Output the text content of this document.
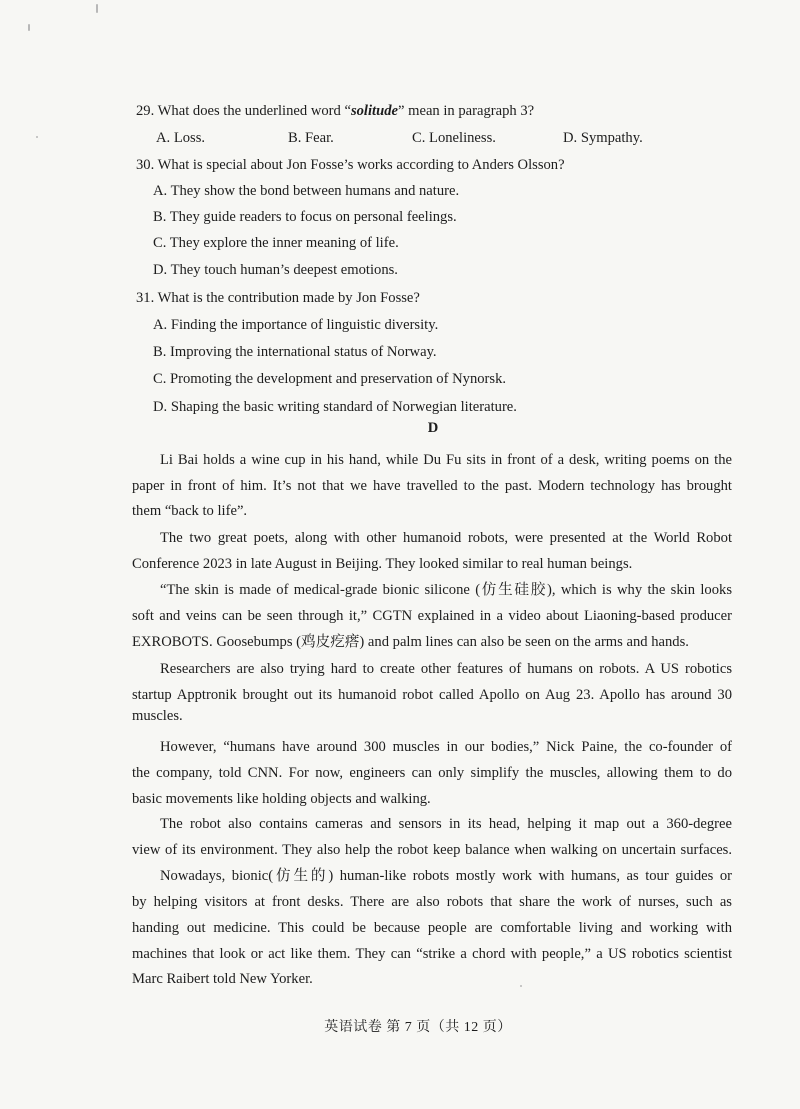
29. What does the underlined word “solitude” mean in paragraph 3?
A. Loss.	B. Fear.	C. Loneliness.	D. Sympathy.
30. What is special about Jon Fosse’s works according to Anders Olsson?
A. They show the bond between humans and nature.
B. They guide readers to focus on personal feelings.
C. They explore the inner meaning of life.
D. They touch human’s deepest emotions.
31. What is the contribution made by Jon Fosse?
A. Finding the importance of linguistic diversity.
B. Improving the international status of Norway.
C. Promoting the development and preservation of Nynorsk.
D. Shaping the basic writing standard of Norwegian literature.
D
Li Bai holds a wine cup in his hand, while Du Fu sits in front of a desk, writing poems on the
paper in front of him. It’s not that we have travelled to the past. Modern technology has brought
them “back to life”.
The two great poets, along with other humanoid robots, were presented at the World Robot
Conference 2023 in late August in Beijing. They looked similar to real human beings.
“The skin is made of medical-grade bionic silicone (仿生硅胶), which is why the skin looks
soft and veins can be seen through it,” CGTN explained in a video about Liaoning-based producer
EXROBOTS. Goosebumps (鸡皮疙瘩) and palm lines can also be seen on the arms and hands.
Researchers are also trying hard to create other features of humans on robots. A US robotics
startup Apptronik brought out its humanoid robot called Apollo on Aug 23. Apollo has around 30
muscles.
However, “humans have around 300 muscles in our bodies,” Nick Paine, the co-founder of
the company, told CNN. For now, engineers can only simplify the muscles, allowing them to do
basic movements like holding objects and walking.
The robot also contains cameras and sensors in its head, helping it map out a 360-degree
view of its environment. They also help the robot keep balance when walking on uncertain surfaces.
Nowadays, bionic(仿生的) human-like robots mostly work with humans, as tour guides or
by helping visitors at front desks. There are also robots that share the work of nurses, such as
handing out medicine. This could be because people are comfortable living and working with
machines that look or act like them. They can “strike a chord with people,” a US robotics scientist
Marc Raibert told New Yorker.
英语试卷 第 7 页（共 12 页）
